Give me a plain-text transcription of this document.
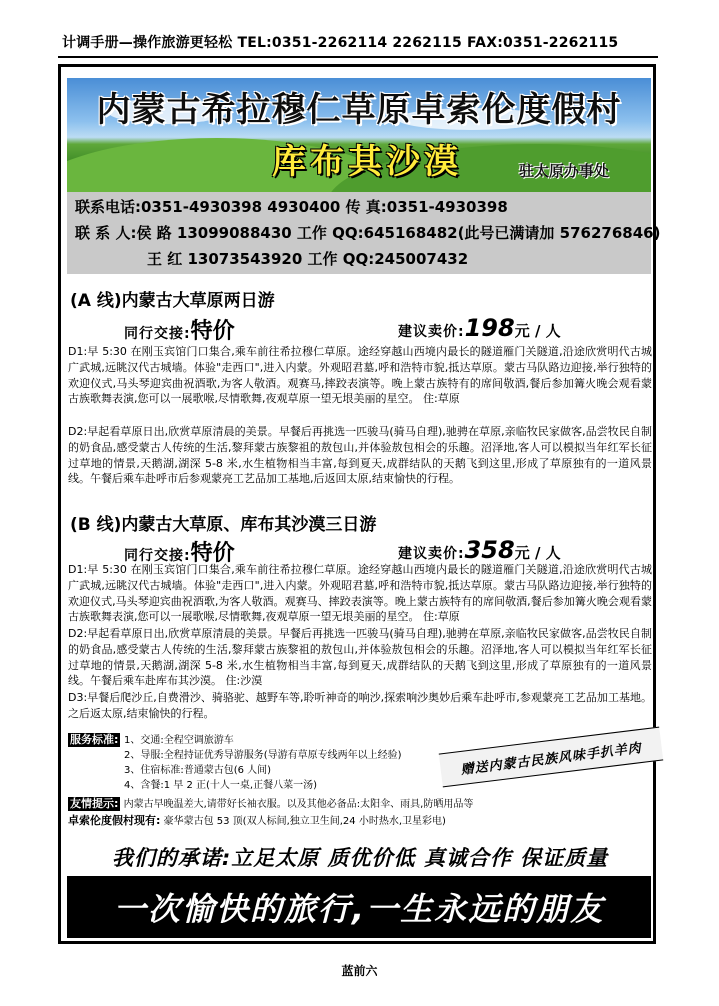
计调手册—操作旅游更轻松 TEL:0351-2262114 2262115 FAX:0351-2262115
内蒙古希拉穆仁草原卓索伦度假村
库布其沙漠	驻太原办事处
联系电话:0351-4930398 4930400 传 真:0351-4930398
联 系 人:侯 路 13099088430 工作 QQ:645168482(此号已满请加 576276846)
王 红 13073543920 工作 QQ:245007432
(A 线)内蒙古大草原两日游
同行交接:特价	建议卖价:198元 / 人
D1:早 5:30 在刚玉宾馆门口集合,乘车前往希拉穆仁草原。途经穿越山西境内最长的隧道雁门关隧道,沿途欣赏明代古城广武城,远眺汉代古城墙。体验"走西口",进入内蒙。外观昭君墓,呼和浩特市貌,抵达草原。蒙古马队路边迎接,举行独特的欢迎仪式,马头琴迎宾曲祝酒歌,为客人敬酒。观赛马,摔跤表演等。晚上蒙古族特有的席间敬酒,餐后参加篝火晚会观看蒙古族歌舞表演,您可以一展歌喉,尽情歌舞,夜观草原一望无垠美丽的星空。 住:草原
D2:早起看草原日出,欣赏草原清晨的美景。早餐后再挑选一匹骏马(骑马自理),驰骋在草原,亲临牧民家做客,品尝牧民自制的奶食品,感受蒙古人传统的生活,黎拜蒙古族黎祖的敖包山,并体验敖包相会的乐趣。沼泽地,客人可以模拟当年红军长征过草地的情景,天鹅湖,湖深 5-8 米,水生植物相当丰富,每到夏天,成群结队的天鹅飞到这里,形成了草原独有的一道风景线。午餐后乘车赴呼市后参观蒙亮工艺品加工基地,后返回太原,结束愉快的行程。
(B 线)内蒙古大草原、库布其沙漠三日游
同行交接:特价	建议卖价:358元 / 人
D1:早 5:30 在刚玉宾馆门口集合,乘车前往希拉穆仁草原。途经穿越山西境内最长的隧道雁门关隧道,沿途欣赏明代古城广武城,远眺汉代古城墙。体验"走西口",进入内蒙。外观昭君墓,呼和浩特市貌,抵达草原。蒙古马队路边迎接,举行独特的欢迎仪式,马头琴迎宾曲祝酒歌,为客人敬酒。观赛马、摔跤表演等。晚上蒙古族特有的席间敬酒,餐后参加篝火晚会观看蒙古族歌舞表演,您可以一展歌喉,尽情歌舞,夜观草原一望无垠美丽的星空。 住:草原
D2:早起看草原日出,欣赏草原清晨的美景。早餐后再挑选一匹骏马(骑马自理),驰骋在草原,亲临牧民家做客,品尝牧民自制的奶食品,感受蒙古人传统的生活,黎拜蒙古族黎祖的敖包山,并体验敖包相会的乐趣。沼泽地,客人可以模拟当年红军长征过草地的情景,天鹅湖,湖深 5-8 米,水生植物相当丰富,每到夏天,成群结队的天鹅飞到这里,形成了草原独有的一道风景线。午餐后乘车赴库布其沙漠。 住:沙漠
D3:早餐后爬沙丘,自费滑沙、骑骆驼、越野车等,聆听神奇的响沙,探索响沙奥妙后乘车赴呼市,参观蒙亮工艺品加工基地。之后返太原,结束愉快的行程。
服务标准: 1、交通:全程空调旅游车
2、导服:全程持证优秀导游服务(导游有草原专线两年以上经验)
3、住宿标准:普通蒙古包(6 人间)
4、含餐:1 早 2 正(十人一桌,正餐八菜一汤)
赠送内蒙古民族风味手扒羊肉
友情提示: 内蒙古早晚温差大,请带好长袖衣服。以及其他必备品:太阳伞、雨具,防晒用品等
卓索伦度假村现有: 豪华蒙古包 53 顶(双人标间,独立卫生间,24 小时热水,卫星彩电)
我们的承诺:立足太原 质优价低 真诚合作 保证质量
一次愉快的旅行,一生永远的朋友
蓝前六
